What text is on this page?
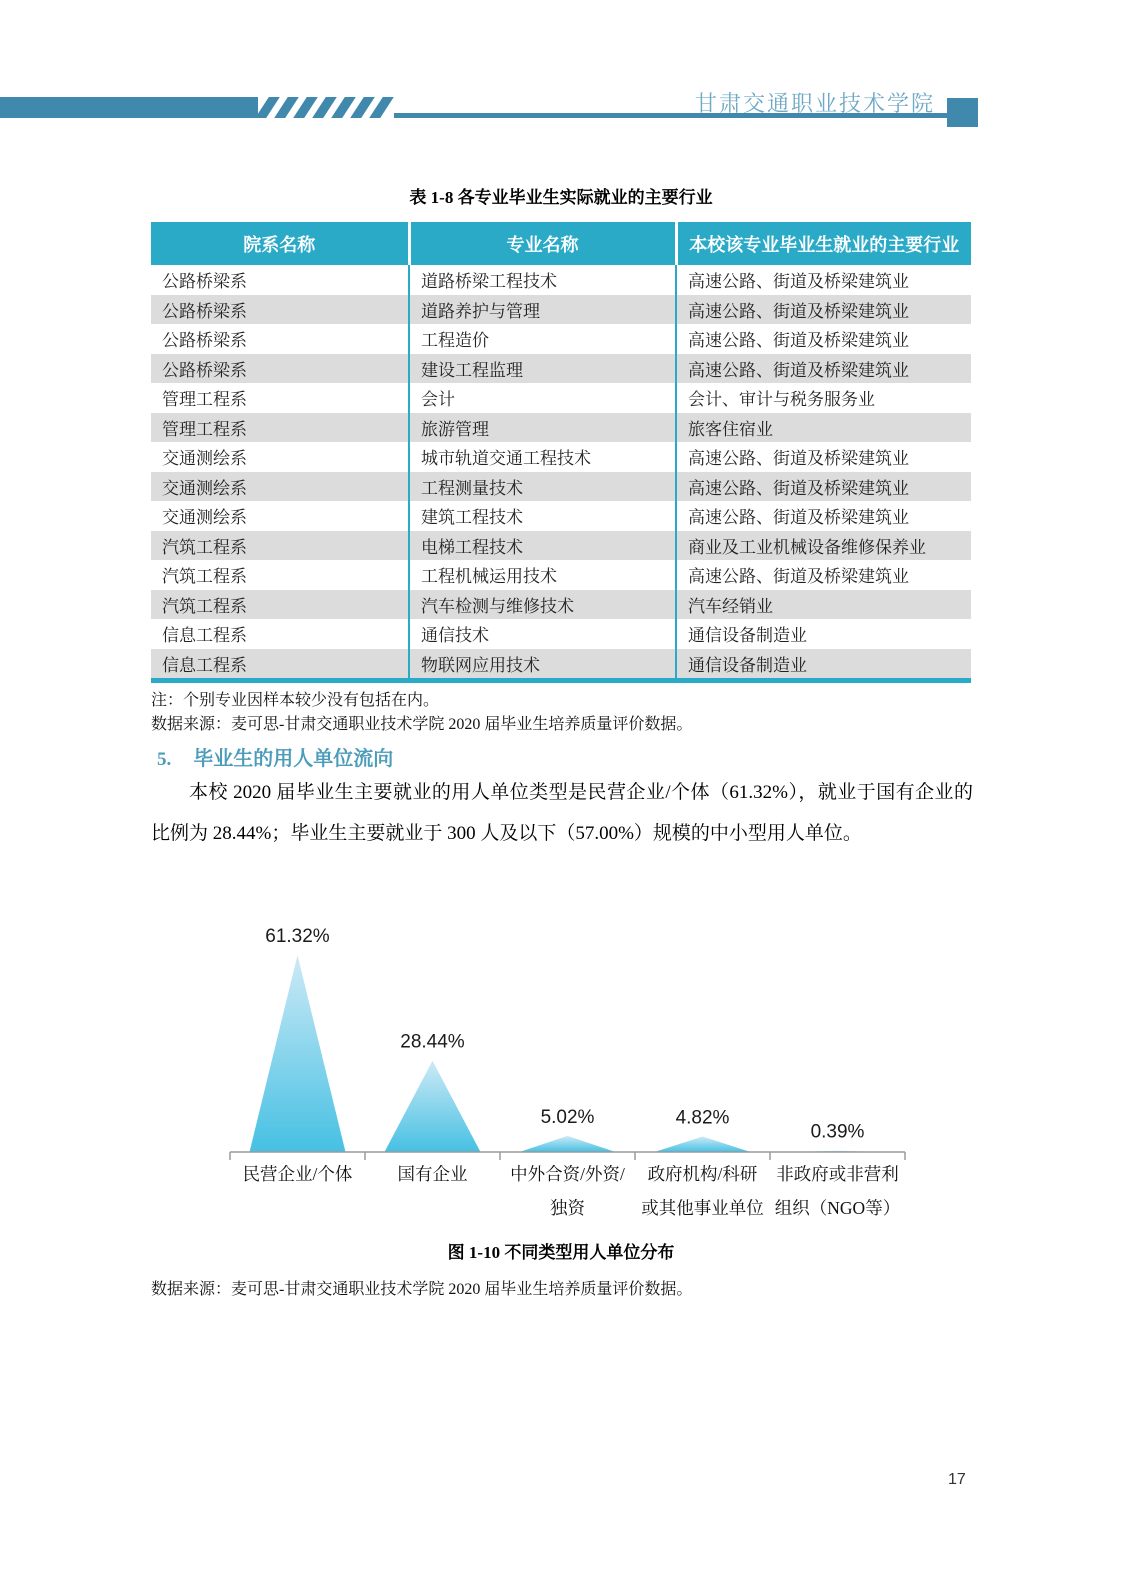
甘肃交通职业技术学院
表 1-8 各专业毕业生实际就业的主要行业
院系名称	专业名称	本校该专业毕业生就业的主要行业
公路桥梁系	道路桥梁工程技术	高速公路、街道及桥梁建筑业
公路桥梁系	道路养护与管理	高速公路、街道及桥梁建筑业
公路桥梁系	工程造价	高速公路、街道及桥梁建筑业
公路桥梁系	建设工程监理	高速公路、街道及桥梁建筑业
管理工程系	会计	会计、审计与税务服务业
管理工程系	旅游管理	旅客住宿业
交通测绘系	城市轨道交通工程技术	高速公路、街道及桥梁建筑业
交通测绘系	工程测量技术	高速公路、街道及桥梁建筑业
交通测绘系	建筑工程技术	高速公路、街道及桥梁建筑业
汽筑工程系	电梯工程技术	商业及工业机械设备维修保养业
汽筑工程系	工程机械运用技术	高速公路、街道及桥梁建筑业
汽筑工程系	汽车检测与维修技术	汽车经销业
信息工程系	通信技术	通信设备制造业
信息工程系	物联网应用技术	通信设备制造业
注：个别专业因样本较少没有包括在内。
数据来源：麦可思-甘肃交通职业技术学院 2020 届毕业生培养质量评价数据。
5. 毕业生的用人单位流向

本校 2020 届毕业生主要就业的用人单位类型是民营企业/个体（61.32%），就业于国有企业的比例为 28.44%；毕业生主要就业于 300 人及以下（57.00%）规模的中小型用人单位。

61.32%
28.44%
5.02%	4.82%
0.39%
民营企业/个体	国有企业 中外合资/外资/
独资
政府机构/科研
或其他事业单位
非政府或非营利
组织（NGO等）
图 1-10 不同类型用人单位分布
数据来源：麦可思-甘肃交通职业技术学院 2020 届毕业生培养质量评价数据。
17
